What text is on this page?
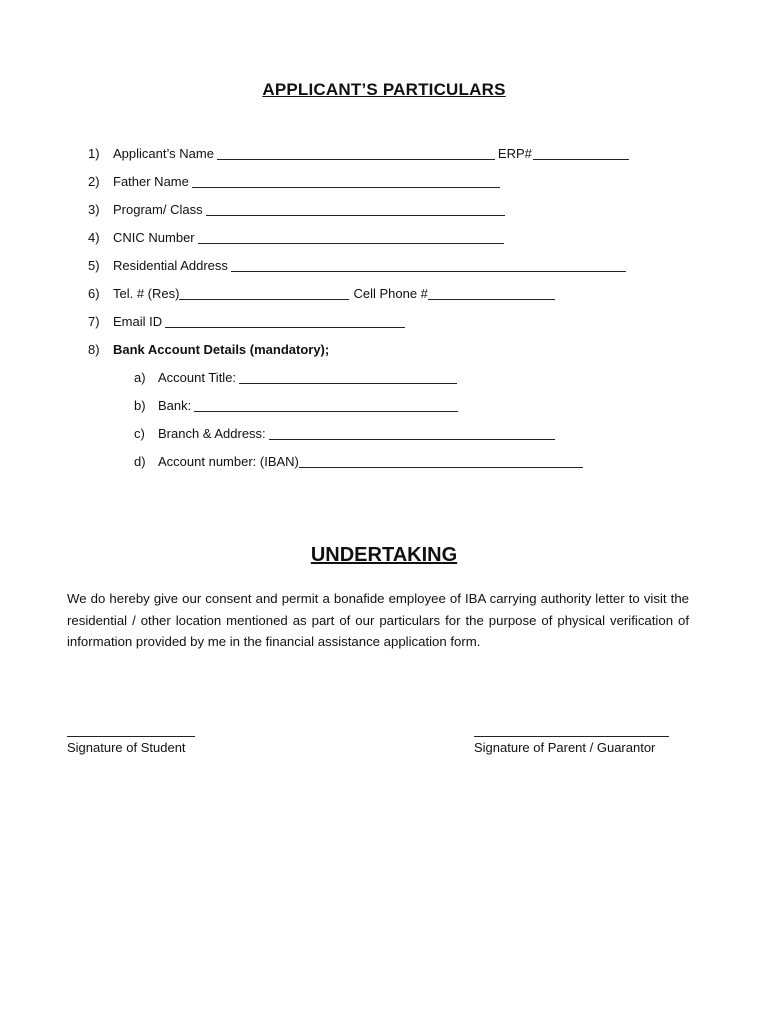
APPLICANT’S PARTICULARS
1)	Applicant’s Name	ERP#
2)	Father Name
3)	Program/ Class
4)	CNIC Number
5)	Residential Address
6)	Tel. # (Res)	Cell Phone #
7)	Email ID
8)	Bank Account Details (mandatory);
a) Account Title:
b) Bank:
c)	Branch & Address:
d) Account number: (IBAN)
UNDERTAKING
We do hereby give our consent and permit a bonafide employee of IBA carrying authority letter to visit the residential / other location mentioned as part of our particulars for the purpose of physical verification of information provided by me in the financial assistance application form.
Signature of Student	Signature of Parent / Guarantor
